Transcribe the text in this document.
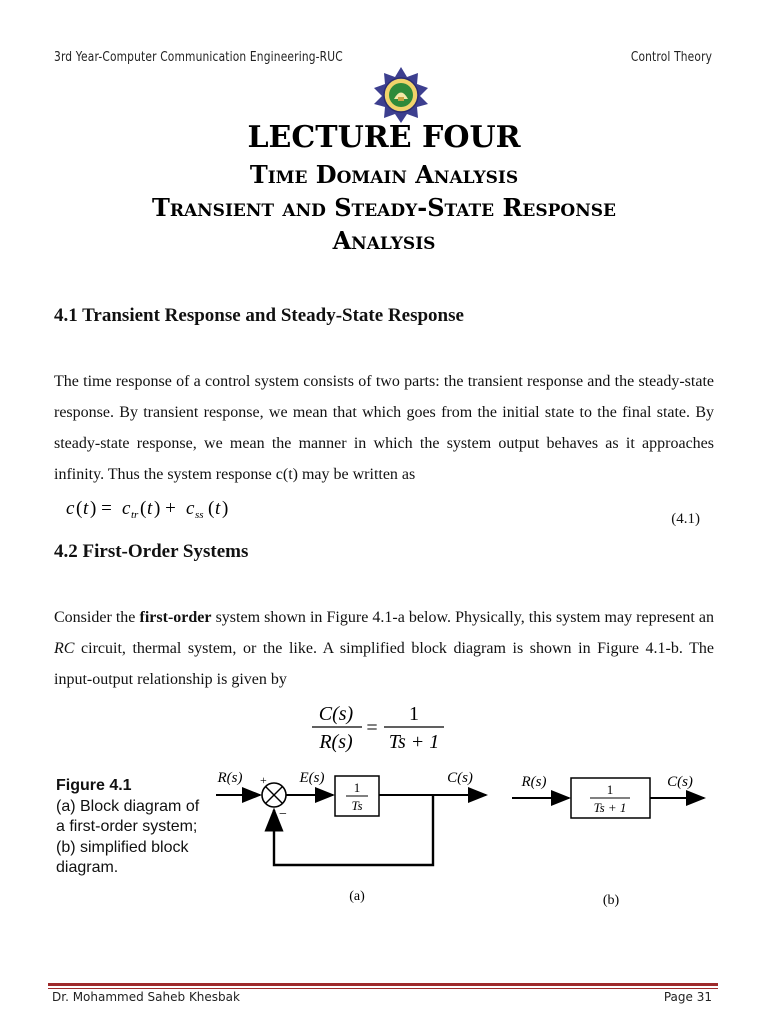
3rd Year-Computer Communication Engineering-RUC	Control Theory
LECTURE FOUR
Time Domain Analysis
Transient and Steady-State Response
Analysis
4.1 Transient Response and Steady-State Response
The time response of a control system consists of two parts: the transient response and the steady-state response. By transient response, we mean that which goes from the initial state to the final state. By steady-state response, we mean the manner in which the system output behaves as it approaches infinity. Thus the system response c(t) may be written as
c ( t ) = c tr ( t ) + c ss ( t )	(4.1)
4.2 First-Order Systems
Consider the first-order system shown in Figure 4.1-a below. Physically, this system may represent an RC circuit, thermal system, or the like. A simplified block diagram is shown in Figure 4.1-b. The input-output relationship is given by
C(s)
R(s)
=
1
Ts + 1
Figure 4.1
(a) Block diagram of
a first-order system;
(b) simplified block
diagram.
R(s) +
−
E(s)
1
Ts
C(s)
(a)
R(s)	1
Ts + 1
C(s)
(b)
Dr. Mohammed Saheb Khesbak	Page 31
